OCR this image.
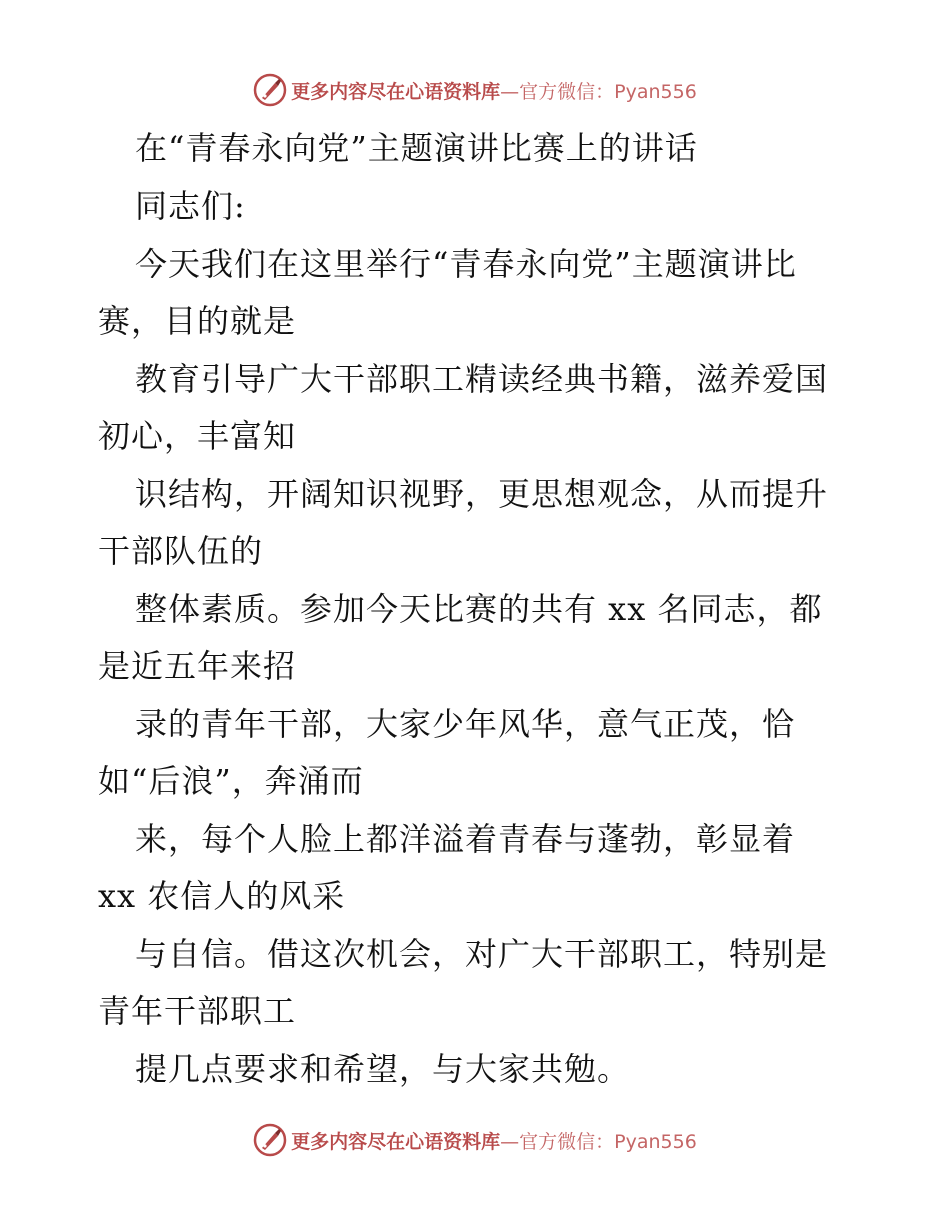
更多内容尽在心语资料库—官方微信：Pyan556
在“青春永向党”主题演讲比赛上的讲话
同志们:
今天我们在这里举行“青春永向党”主题演讲比
赛，目的就是
教育引导广大干部职工精读经典书籍，滋养爱国
初心，丰富知
识结构，开阔知识视野，更思想观念，从而提升
干部队伍的
整体素质。参加今天比赛的共有 xx 名同志，都
是近五年来招
录的青年干部，大家少年风华，意气正茂，恰
如“后浪”，奔涌而
来，每个人脸上都洋溢着青春与蓬勃，彰显着
xx 农信人的风采
与自信。借这次机会，对广大干部职工，特别是
青年干部职工
提几点要求和希望，与大家共勉。
更多内容尽在心语资料库—官方微信：Pyan556
